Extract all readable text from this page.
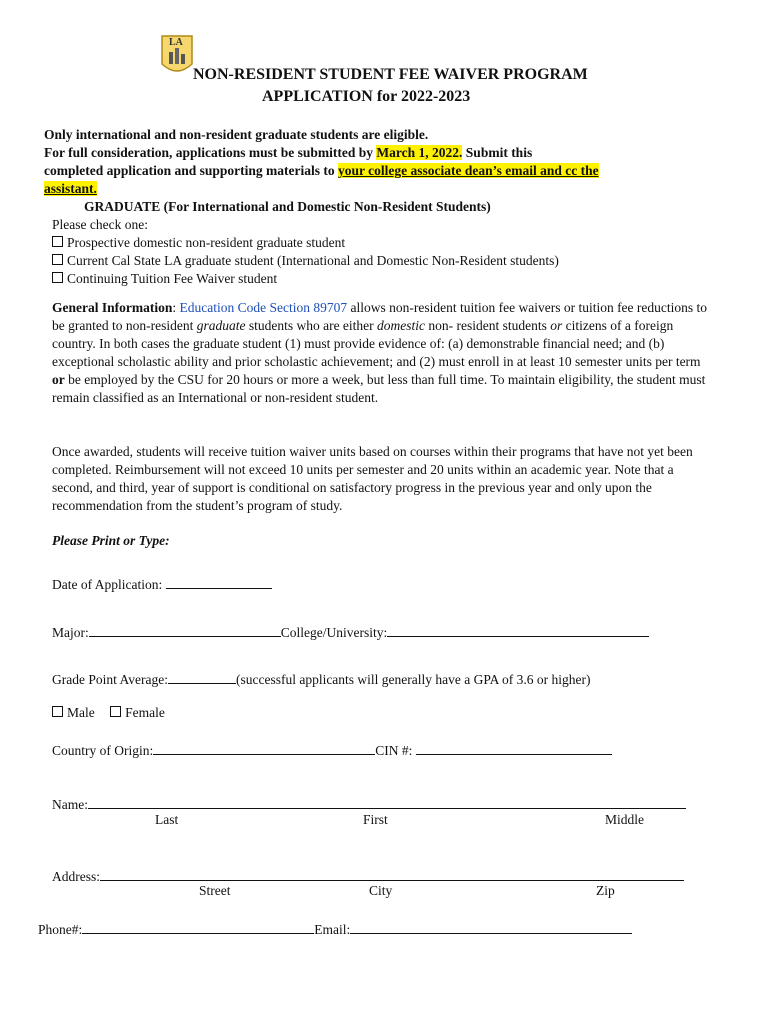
LA
NON-RESIDENT STUDENT FEE WAIVER PROGRAM
APPLICATION for 2022-2023
Only international and non-resident graduate students are eligible.
For full consideration, applications must be submitted by March 1, 2022. Submit this
completed application and supporting materials to your college associate dean’s email and cc the
assistant.
GRADUATE (For International and Domestic Non-Resident Students)
Please check one:
Prospective domestic non-resident graduate student
Current Cal State LA graduate student (International and Domestic Non-Resident students)
Continuing Tuition Fee Waiver student
General Information: Education Code Section 89707 allows non-resident tuition fee waivers or tuition fee reductions to be granted to non-resident graduate students who are either domestic non- resident students or citizens of a foreign country. In both cases the graduate student (1) must provide evidence of: (a) demonstrable financial need; and (b) exceptional scholastic ability and prior scholastic achievement; and (2) must enroll in at least 10 semester units per term or be employed by the CSU for 20 hours or more a week, but less than full time. To maintain eligibility, the student must remain classified as an International or non-resident student.
Once awarded, students will receive tuition waiver units based on courses within their programs that have not yet been completed. Reimbursement will not exceed 10 units per semester and 20 units within an academic year. Note that a second, and third, year of support is conditional on satisfactory progress in the previous year and only upon the recommendation from the student’s program of study.
Please Print or Type:
Date of Application:
Major:	College/University:
Grade Point Average:	(successful applicants will generally have a GPA of 3.6 or higher)
Male Female
Country of Origin:	CIN #:
Name:
Last	First	Middle
Address:
Street	City	Zip
Phone#:	Email:
